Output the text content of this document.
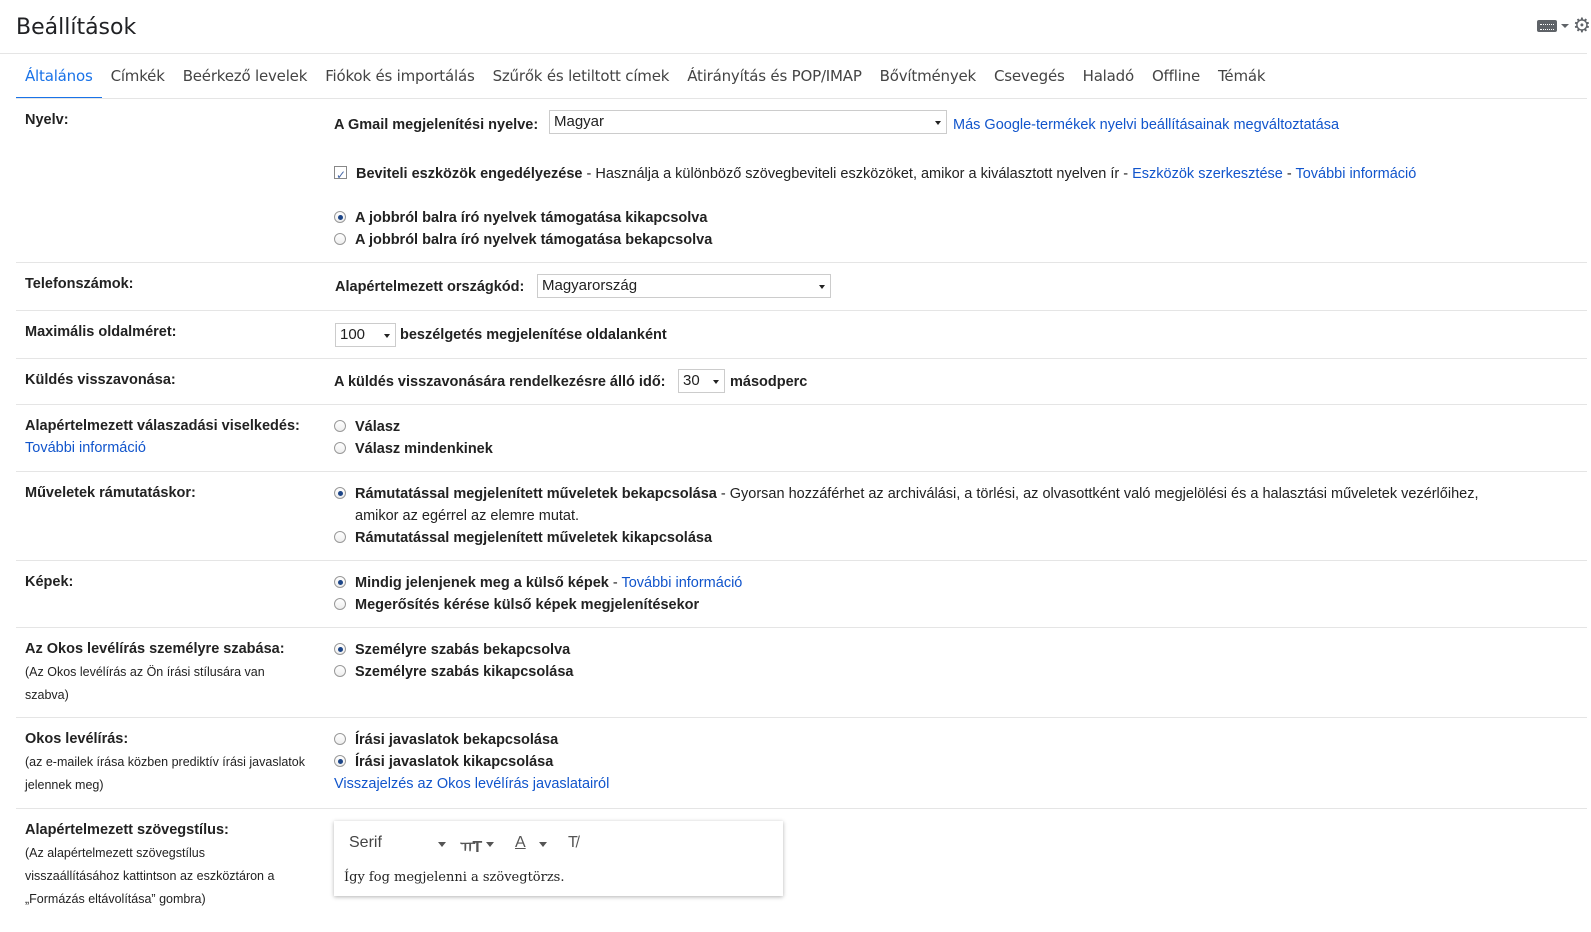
Beállítások	⚙
Általános	Címkék	Beérkező levelek	Fiókok és importálás	Szűrők és letiltott címek	Átirányítás és POP/IMAP	Bővítmények	Csevegés	Haladó	Offline	Témák
Nyelv:	A Gmail megjelenítési nyelve:	Magyar	Más Google-termékek nyelvi beállításainak megváltoztatása
✓Beviteli eszközök engedélyezése - Használja a különböző szövegbeviteli eszközöket, amikor a kiválasztott nyelven ír - Eszközök szerkesztése - További információ
A jobbról balra író nyelvek támogatása kikapcsolva
A jobbról balra író nyelvek támogatása bekapcsolva
Telefonszámok:	Alapértelmezett országkód:	Magyarország
Maximális oldalméret:	100	beszélgetés megjelenítése oldalanként
Küldés visszavonása:	A küldés visszavonására rendelkezésre álló idő:	30	másodperc
Alapértelmezett válaszadási viselkedés:
További információ
Válasz
Válasz mindenkinek
Műveletek rámutatáskor:	Rámutatással megjelenített műveletek bekapcsolása - Gyorsan hozzáférhet az archiválási, a törlési, az olvasottként való megjelölési és a halasztási műveletek vezérlőihez,
amikor az egérrel az elemre mutat.
Rámutatással megjelenített műveletek kikapcsolása
Képek:	Mindig jelenjenek meg a külső képek - További információ
Megerősítés kérése külső képek megjelenítésekor
Az Okos levélírás személyre szabása:
(Az Okos levélírás az Ön írási stílusára van
szabva)
Személyre szabás bekapcsolva
Személyre szabás kikapcsolása
Okos levélírás:
(az e-mailek írása közben prediktív írási javaslatok
jelennek meg)
Írási javaslatok bekapcsolása
Írási javaslatok kikapcsolása
Visszajelzés az Okos levélírás javaslatairól
Alapértelmezett szövegstílus:
(Az alapértelmezett szövegstílus
visszaállításához kattintson az eszköztáron a
„Formázás eltávolítása” gombra)
Serif	ㅠT A	T̸
Így fog megjelenni a szövegtörzs.
